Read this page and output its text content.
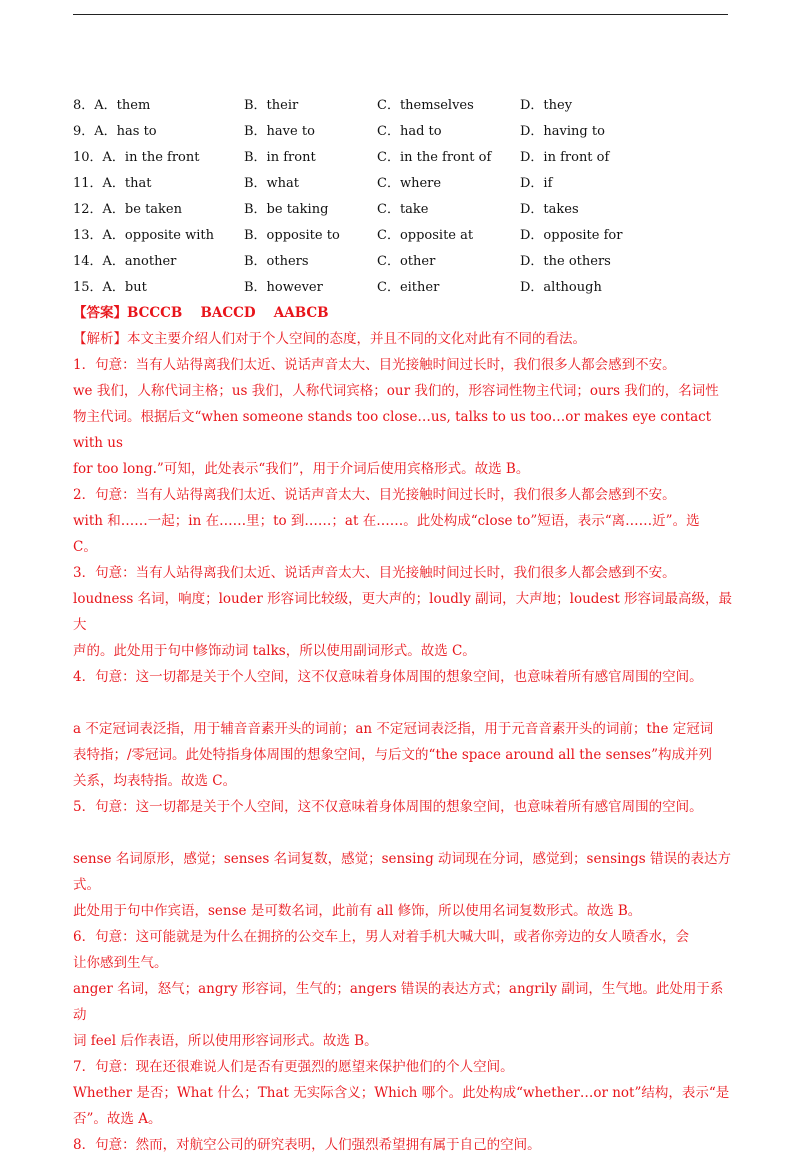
8．A．them	B．their	C．themselves	D．they
9．A．has to	B．have to	C．had to	D．having to
10．A．in the front	B．in front	C．in the front of D．in front of
11．A．that	B．what	C．where	D．if
12．A．be taken	B．be taking	C．take	D．takes
13．A．opposite with B．opposite to	C．opposite at	D．opposite for
14．A．another	B．others	C．other	D．the others
15．A．but	B．however	C．either	D．although

【答案】BCCCB　 BACCD　 AABCB

【解析】本文主要介绍人们对于个人空间的态度，并且不同的文化对此有不同的看法。

1．句意：当有人站得离我们太近、说话声音太大、目光接触时间过长时，我们很多人都会感到不安。

we 我们，人称代词主格；us 我们，人称代词宾格；our 我们的，形容词性物主代词；ours 我们的，名词性

物主代词。根据后文“when someone stands too close…us, talks to us too…or makes eye contact with us

for too long.”可知，此处表示“我们”，用于介词后使用宾格形式。故选 B。

2．句意：当有人站得离我们太近、说话声音太大、目光接触时间过长时，我们很多人都会感到不安。

with 和……一起；in 在……里；to 到……；at 在……。此处构成“close to”短语，表示“离……近”。选

C。

3．句意：当有人站得离我们太近、说话声音太大、目光接触时间过长时，我们很多人都会感到不安。

loudness 名词，响度；louder 形容词比较级，更大声的；loudly 副词，大声地；loudest 形容词最高级，最大

声的。此处用于句中修饰动词 talks，所以使用副词形式。故选 C。

4．句意：这一切都是关于个人空间，这不仅意味着身体周围的想象空间，也意味着所有感官周围的空间。

a 不定冠词表泛指，用于辅音音素开头的词前；an 不定冠词表泛指，用于元音音素开头的词前；the 定冠词

表特指；/零冠词。此处特指身体周围的想象空间，与后文的“the space around all the senses”构成并列

关系，均表特指。故选 C。

5．句意：这一切都是关于个人空间，这不仅意味着身体周围的想象空间，也意味着所有感官周围的空间。

sense 名词原形，感觉；senses 名词复数，感觉；sensing 动词现在分词，感觉到；sensings 错误的表达方式。

此处用于句中作宾语，sense 是可数名词，此前有 all 修饰，所以使用名词复数形式。故选 B。

6．句意：这可能就是为什么在拥挤的公交车上，男人对着手机大喊大叫，或者你旁边的女人喷香水，会

让你感到生气。

anger 名词，怒气；angry 形容词，生气的；angers 错误的表达方式；angrily 副词，生气地。此处用于系动

词 feel 后作表语，所以使用形容词形式。故选 B。

7．句意：现在还很难说人们是否有更强烈的愿望来保护他们的个人空间。

Whether 是否；What 什么；That 无实际含义；Which 哪个。此处构成“whether…or not”结构，表示“是

否”。故选 A。

8．句意：然而，对航空公司的研究表明，人们强烈希望拥有属于自己的空间。
